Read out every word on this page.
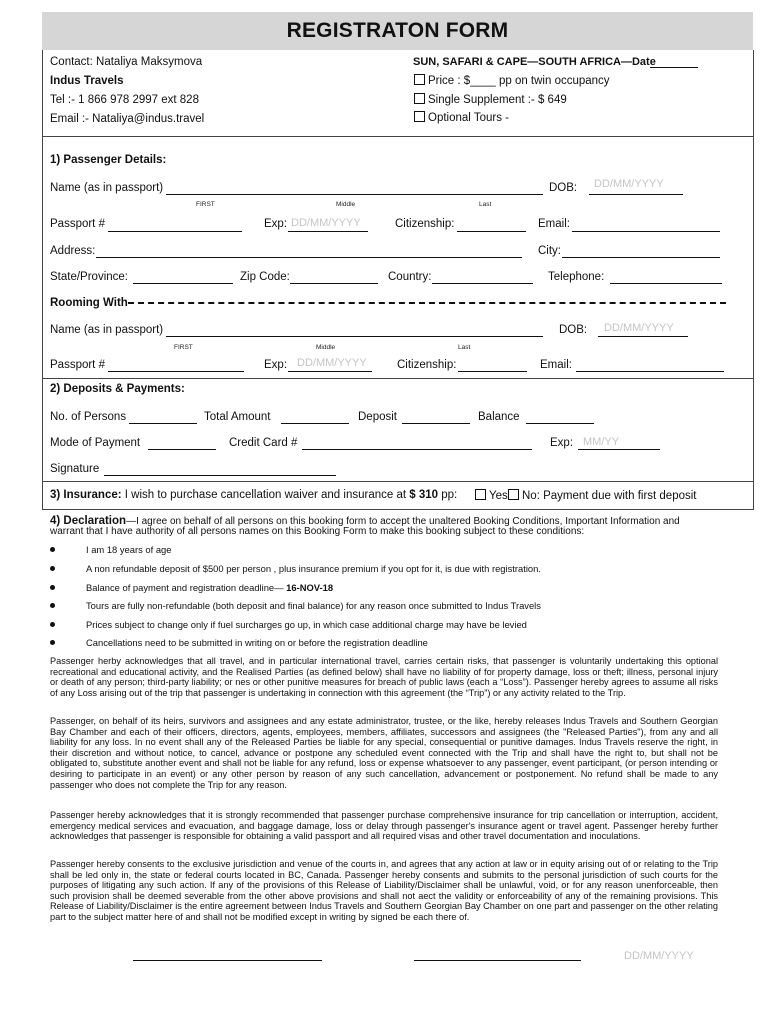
REGISTRATON FORM
Contact: Nataliya Maksymova
Indus Travels
Tel :- 1 866 978 2997 ext 828
Email :- Nataliya@indus.travel
SUN, SAFARI & CAPE—SOUTH AFRICA—Date
Price : $____ pp on twin occupancy
Single Supplement :- $ 649
Optional Tours -
1) Passenger Details:
Name (as in passport)	DOB: DD/MM/YYYY
FIRST	Middle	Last
Passport #	Exp: DD/MM/YYYY	Citizenship:	Email:
Address:	City:
State/Province:	Zip Code:	Country:	Telephone:
Rooming With
Name (as in passport)	DOB: DD/MM/YYYY
FIRST	Middle	Last
Passport #	Exp: DD/MM/YYYY	Citizenship:	Email:
2) Deposits & Payments:
No. of Persons	Total Amount	Deposit	Balance
Mode of Payment	Credit Card #	Exp: MM/YY
Signature
3) Insurance: I wish to purchase cancellation waiver and insurance at $ 310 pp:	Yes	No: Payment due with first deposit
4) Declaration—I agree on behalf of all persons on this booking form to accept the unaltered Booking Conditions, Important Information and
warrant that I have authority of all persons names on this Booking Form to make this booking subject to these conditions:
I am 18 years of age
A non refundable deposit of $500 per person , plus insurance premium if you opt for it, is due with registration.
Balance of payment and registration deadline— 16-NOV-18
Tours are fully non-refundable (both deposit and final balance) for any reason once submitted to Indus Travels
Prices subject to change only if fuel surcharges go up, in which case additional charge may have be levied
Cancellations need to be submitted in writing on or before the registration deadline

Passenger herby acknowledges that all travel, and in particular international travel, carries certain risks, that passenger is voluntarily undertaking this optional recreational and educational activity, and the Realised Parties (as defined below) shall have no liability of for property damage, loss or theft; illness, personal injury or death of any person; third-party liability; or nes or other punitive measures for breach of public laws (each a “Loss”). Passenger hereby agrees to assume all risks of any Loss arising out of the trip that passenger is undertaking in connection with this agreement (the “Trip”) or any activity related to the Trip.

Passenger, on behalf of its heirs, survivors and assignees and any estate administrator, trustee, or the like, hereby releases Indus Travels and Southern Georgian Bay Chamber and each of their officers, directors, agents, employees, members, affiliates, successors and assignees (the "Released Parties"), from any and all liability for any loss. In no event shall any of the Released Parties be liable for any special, consequential or punitive damages. Indus Travels reserve the right, in their discretion and without notice, to cancel, advance or postpone any scheduled event connected with the Trip and shall have the right to, but shall not be obligated to, substitute another event and shall not be liable for any refund, loss or expense whatsoever to any passenger, event participant, (or person intending or desiring to participate in an event) or any other person by reason of any such cancellation, advancement or postponement. No refund shall be made to any passenger who does not complete the Trip for any reason.

Passenger hereby acknowledges that it is strongly recommended that passenger purchase comprehensive insurance for trip cancellation or interruption, accident, emergency medical services and evacuation, and baggage damage, loss or delay through passenger's insurance agent or travel agent. Passenger hereby further acknowledges that passenger is responsible for obtaining a valid passport and all required visas and other travel documentation and inoculations.

Passenger hereby consents to the exclusive jurisdiction and venue of the courts in, and agrees that any action at law or in equity arising out of or relating to the Trip shall be led only in, the state or federal courts located in BC, Canada. Passenger hereby consents and submits to the personal jurisdiction of such courts for the purposes of litigating any such action. If any of the provisions of this Release of Liability/Disclaimer shall be unlawful, void, or for any reason unenforceable, then such provision shall be deemed severable from the other above provisions and shall not aect the validity or enforceability of any of the remaining provisions. This Release of Liability/Disclaimer is the entire agreement between Indus Travels and Southern Georgian Bay Chamber on one part and passenger on the other relating part to the subject matter here of and shall not be modified except in writing by signed be each there of.

DD/MM/YYYY
